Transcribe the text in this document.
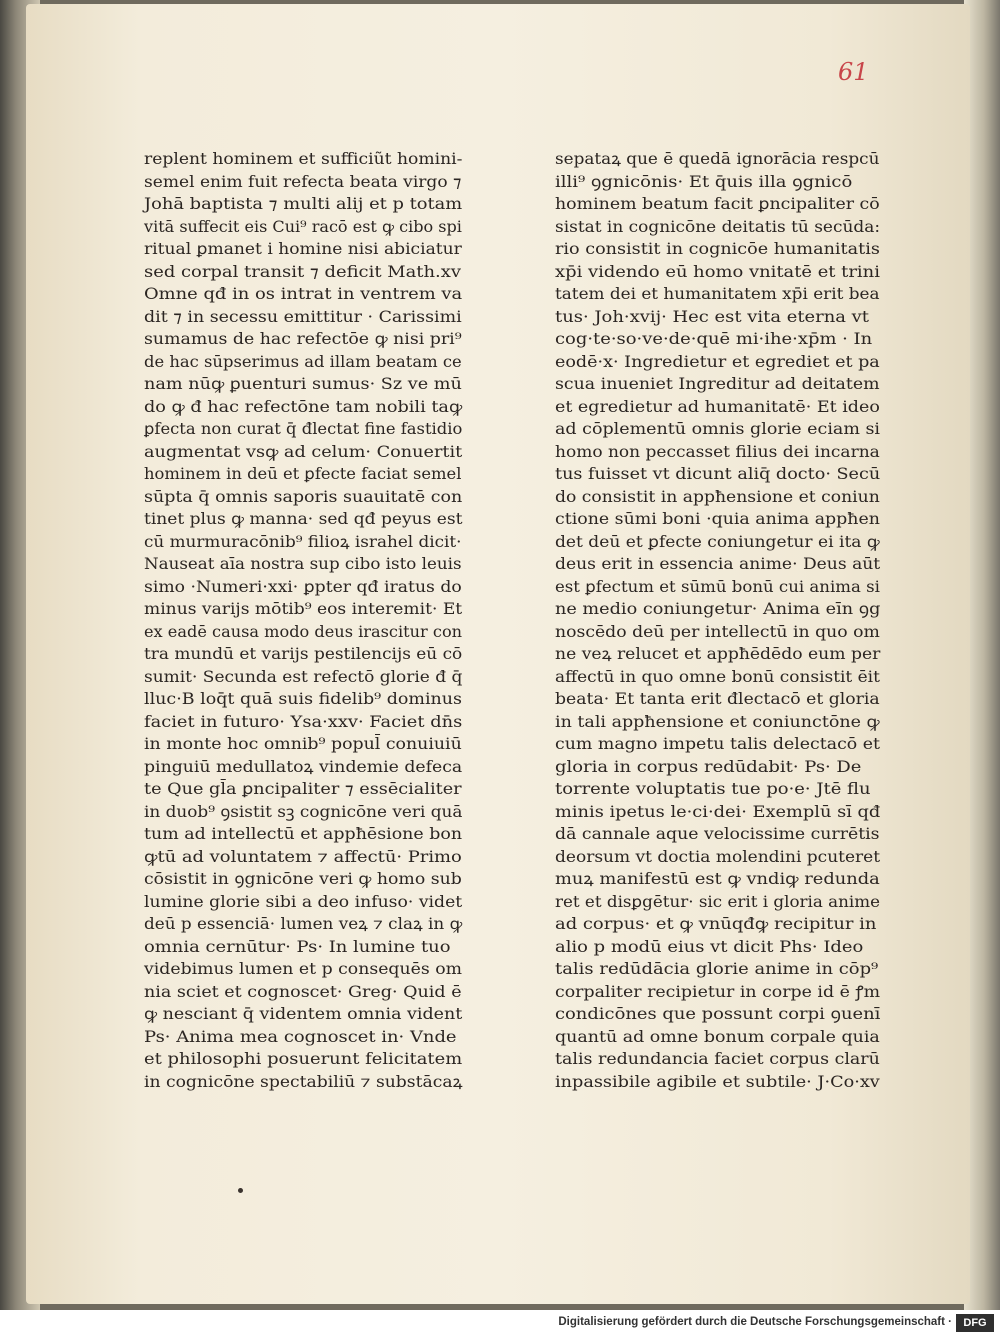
61
replent hominem et sufficiũt homini-
semel enim fuit refecta beata virgo ⁊
Johā baptista ⁊ multi alij et p totam
vitā suffecit eis Cui⁹ racō est ꝙ cibo spi
ritual ꝑmanet i homine nisi abiciatur
sed corpal transit ⁊ deficit Math.xv
Omne qđ in os intrat in ventrem va
dit ⁊ in secessu emittitur · Carissimi
sumamus de hac refectōe ꝙ nisi pri⁹
de hac sūpserimus ad illam beatam ce
nam nūꝙ ꝑuenturi sumus· Sz ve mū
do ꝙ đ hac refectōne tam nobili taꝙ
ꝑfecta non curat q̄ đlectat fine fastidio
augmentat vsꝙ ad celum· Conuertit
hominem in deū et ꝑfecte faciat semel
sūpta q̄ omnis saporis suauitatē con
tinet plus ꝙ manna· sed qđ peyus est
cū murmuracōnib⁹ filioꝝ israhel dicit·
Nauseat aīa nostra sup cibo isto leuis
simo ·Numeri·xxi· ꝑpter qđ iratus do
minus varijs mōtib⁹ eos interemit· Et
ex eadē causa modo deus irascitur con
tra mundū et varijs pestilencijs eū cō
sumit· Secunda est refectō glorie đ q̄
lluc·B loq̄t quā suis fidelib⁹ dominus
faciet in futuro· Ysa·xxv· Faciet dn̄s
in monte hoc omnib⁹ popul̄ conuiuiū
pinguiū medullatoꝝ vindemie defeca
te Que gl̄a ꝑncipaliter ⁊ essēcialiter
in duob⁹ ꝯsistit sꝫ cognicōne veri quā
tum ad intellectū et appħēsione bon
ꝙtū ad voluntatem ⁊ affectū· Primo
cōsistit in ꝯgnicōne veri ꝙ homo sub
lumine glorie sibi a deo infuso· videt
deū p essenciā· lumen veꝝ ⁊ claꝝ in ꝙ
omnia cernūtur· Ps· In lumine tuo
videbimus lumen et p consequēs om
nia sciet et cognoscet· Greg· Quid ē
ꝙ nesciant q̄ videntem omnia vident
Ps· Anima mea cognoscet in· Vnde
et philosophi posuerunt felicitatem
in cognicōne spectabiliū ⁊ substācaꝝ
sepataꝝ que ē quedā ignorācia respcū
illi⁹ ꝯgnicōnis· Et q̄uis illa ꝯgnicō
hominem beatum facit ꝑncipaliter cō
sistat in cognicōne deitatis tū secūda:
rio consistit in cognicōe humanitatis
xp̄i videndo eū homo vnitatē et trini
tatem dei et humanitatem xp̄i erit bea
tus· Joh·xvij· Hec est vita eterna vt
cog·te·so·ve·de·quē mi·ihe·xp̄m · In
eodē·x· Ingredietur et egrediet et pa
scua inueniet Ingreditur ad deitatem
et egredietur ad humanitatē· Et ideo
ad cōplementū omnis glorie eciam si
homo non peccasset filius dei incarna
tus fuisset vt dicunt aliq̄ docto· Secū
do consistit in appħensione et coniun
ctione sūmi boni ·quia anima appħen
det deū et ꝑfecte coniungetur ei ita ꝙ
deus erit in essencia anime· Deus aūt
est ꝑfectum et sūmū bonū cui anima si
ne medio coniungetur· Anima eīn ꝯg
noscēdo deū per intellectū in quo om
ne veꝝ relucet et appħēdēdo eum per
affectū in quo omne bonū consistit ēit
beata· Et tanta erit đlectacō et gloria
in tali appħensione et coniunctōne ꝙ
cum magno impetu talis delectacō et
gloria in corpus redūdabit· Ps· De
torrente voluptatis tue po·e· Jtē flu
minis ipetus le·ci·dei· Exemplū sī qđ
dā cannale aque velocissime currētis
deorsum vt doctia molendini pcuteret
muꝝ manifestū est ꝙ vndiꝙ redunda
ret et disꝑgētur· sic erit i gloria anime
ad corpus· et ꝙ vnūqđꝙ recipitur in
alio p modū eius vt dicit Phs· Ideo
talis redūdācia glorie anime in cōp⁹
corpaliter recipietur in corpe id ē ꝭm
condicōnes que possunt corpi ꝯuenī
quantū ad omne bonum corpale quia
talis redundancia faciet corpus clarū
inpassibile agibile et subtile· J·Co·xv
Digitalisierung gefördert durch die Deutsche Forschungsgemeinschaft ·	DFG
